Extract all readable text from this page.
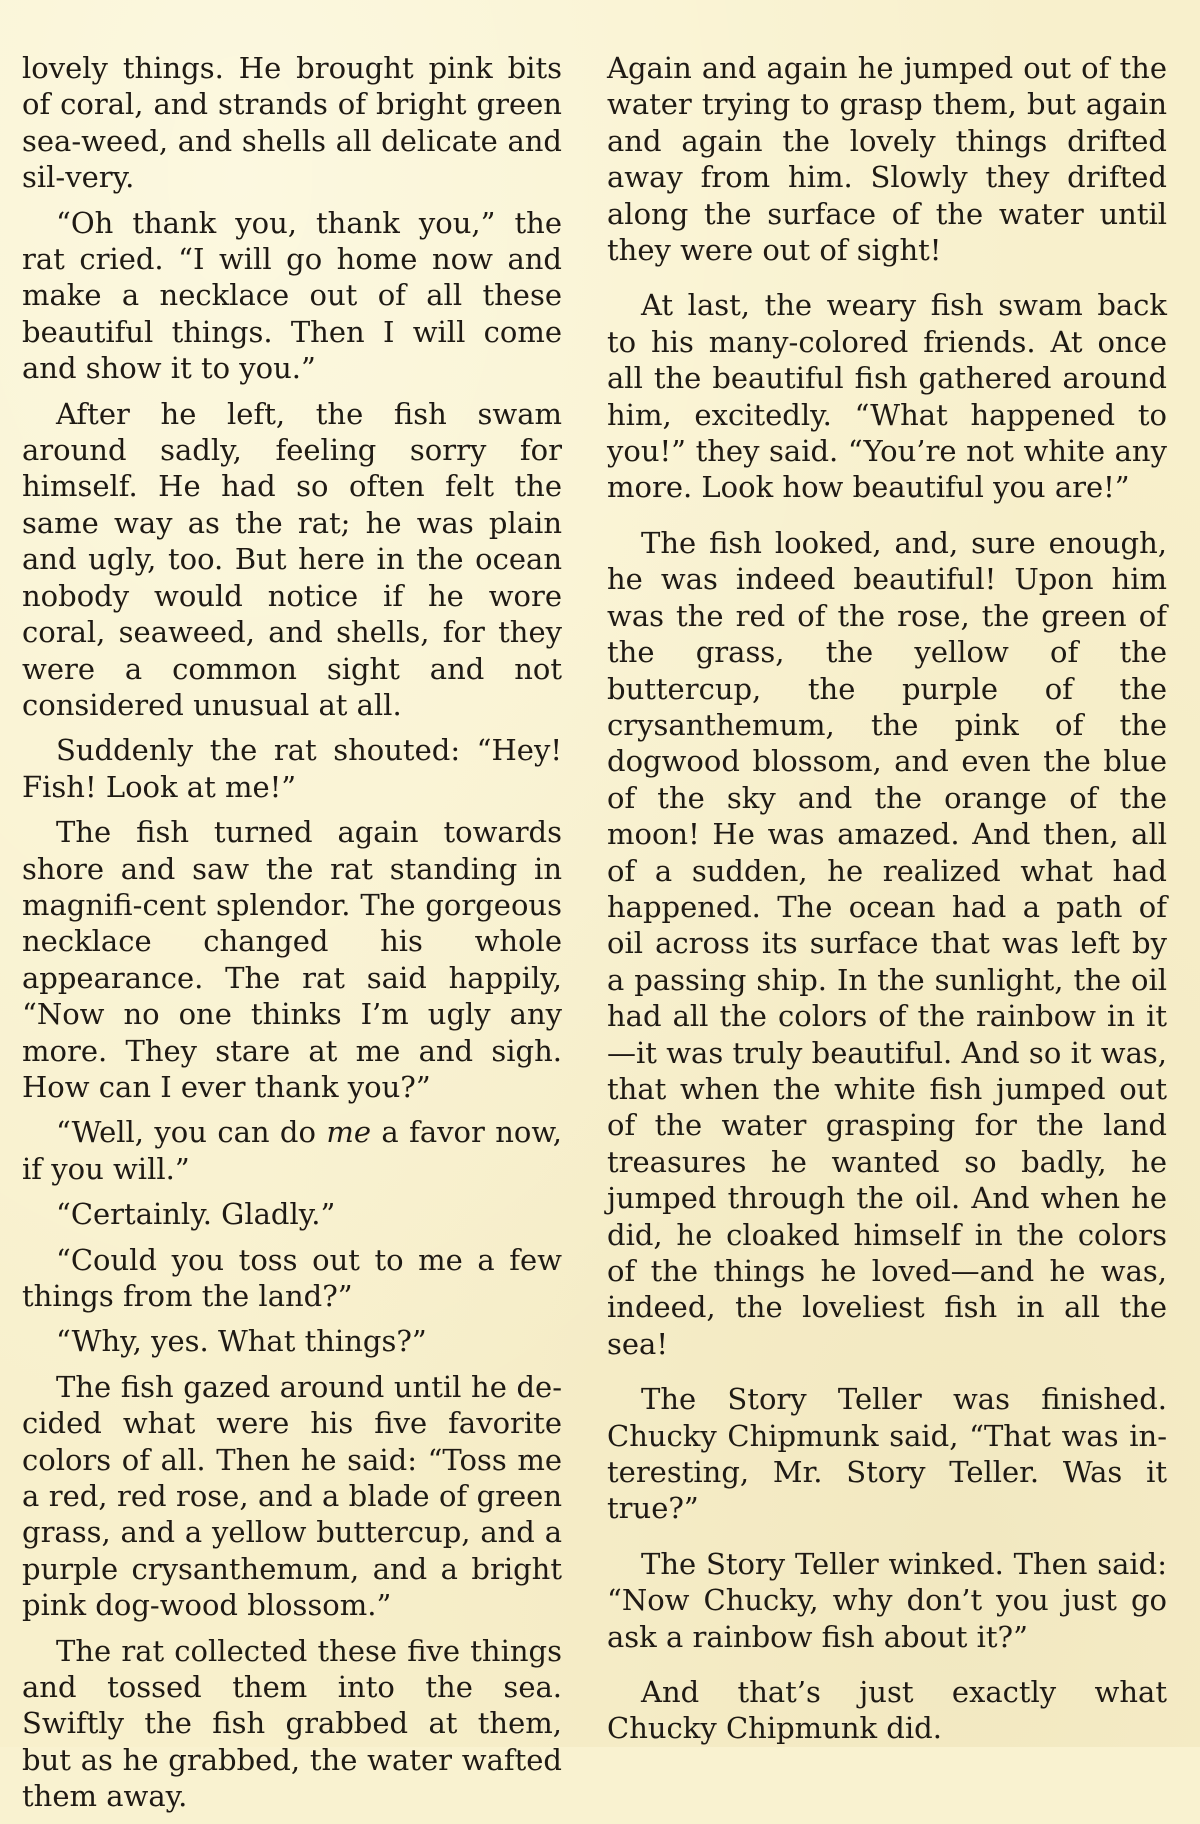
lovely things. He brought pink bits of coral, and strands of bright green sea-weed, and shells all delicate and sil-very.

“Oh thank you, thank you,” the rat cried. “I will go home now and make a necklace out of all these beautiful things. Then I will come and show it to you.”

After he left, the fish swam around sadly, feeling sorry for himself. He had so often felt the same way as the rat; he was plain and ugly, too. But here in the ocean nobody would notice if he wore coral, seaweed, and shells, for they were a common sight and not considered unusual at all.

Suddenly the rat shouted: “Hey! Fish! Look at me!”

The fish turned again towards shore and saw the rat standing in magnifi-cent splendor. The gorgeous necklace changed his whole appearance. The rat said happily, “Now no one thinks I’m ugly any more. They stare at me and sigh. How can I ever thank you?”

“Well, you can do me a favor now, if you will.”

“Certainly. Gladly.”

“Could you toss out to me a few things from the land?”

“Why, yes. What things?”

The fish gazed around until he de-cided what were his five favorite colors of all. Then he said: “Toss me a red, red rose, and a blade of green grass, and a yellow buttercup, and a purple crysanthemum, and a bright pink dog-wood blossom.”

The rat collected these five things and tossed them into the sea. Swiftly the fish grabbed at them, but as he grabbed, the water wafted them away.

Again and again he jumped out of the water trying to grasp them, but again and again the lovely things drifted away from him. Slowly they drifted along the surface of the water until they were out of sight!

At last, the weary fish swam back to his many-colored friends. At once all the beautiful fish gathered around him, excitedly. “What happened to you!” they said. “You’re not white any more. Look how beautiful you are!”

The fish looked, and, sure enough, he was indeed beautiful! Upon him was the red of the rose, the green of the grass, the yellow of the buttercup, the purple of the crysanthemum, the pink of the dogwood blossom, and even the blue of the sky and the orange of the moon! He was amazed. And then, all of a sudden, he realized what had happened. The ocean had a path of oil across its surface that was left by a passing ship. In the sunlight, the oil had all the colors of the rainbow in it—it was truly beautiful. And so it was, that when the white fish jumped out of the water grasping for the land treasures he wanted so badly, he jumped through the oil. And when he did, he cloaked himself in the colors of the things he loved—and he was, indeed, the loveliest fish in all the sea!

The Story Teller was finished. Chucky Chipmunk said, “That was in-teresting, Mr. Story Teller. Was it true?”

The Story Teller winked. Then said: “Now Chucky, why don’t you just go ask a rainbow fish about it?”

And that’s just exactly what Chucky Chipmunk did.
